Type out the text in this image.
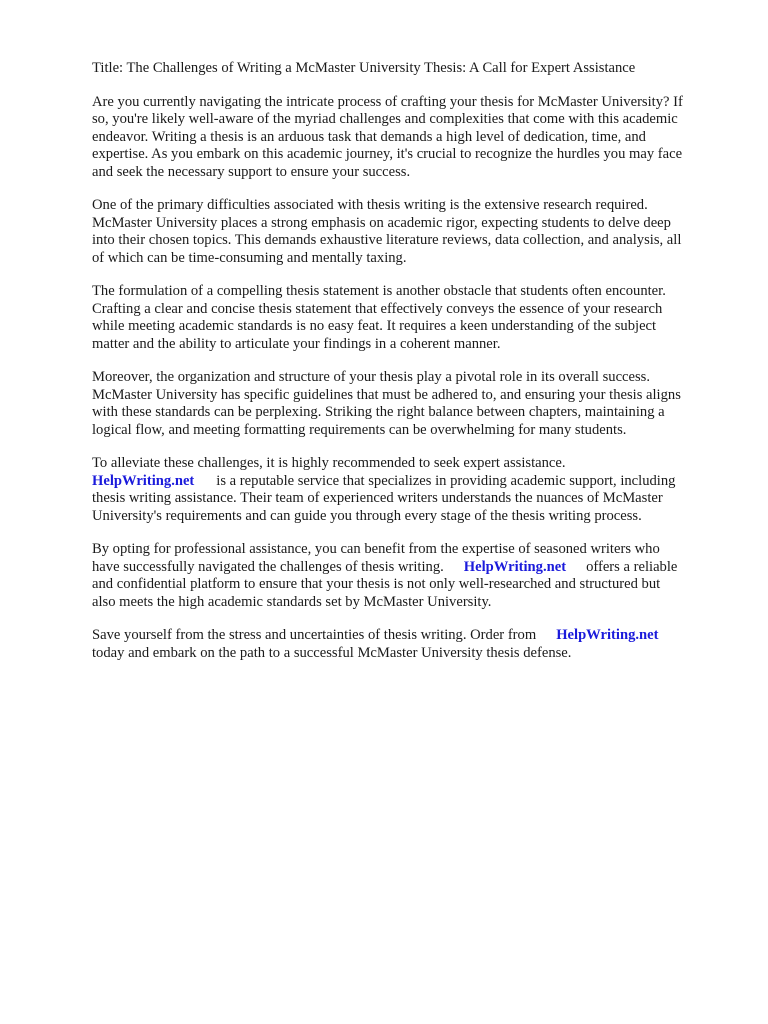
Title: The Challenges of Writing a McMaster University Thesis: A Call for Expert Assistance
Are you currently navigating the intricate process of crafting your thesis for McMaster University? If
so, you're likely well-aware of the myriad challenges and complexities that come with this academic
endeavor. Writing a thesis is an arduous task that demands a high level of dedication, time, and
expertise. As you embark on this academic journey, it's crucial to recognize the hurdles you may face
and seek the necessary support to ensure your success.
One of the primary difficulties associated with thesis writing is the extensive research required.
McMaster University places a strong emphasis on academic rigor, expecting students to delve deep
into their chosen topics. This demands exhaustive literature reviews, data collection, and analysis, all
of which can be time-consuming and mentally taxing.
The formulation of a compelling thesis statement is another obstacle that students often encounter.
Crafting a clear and concise thesis statement that effectively conveys the essence of your research
while meeting academic standards is no easy feat. It requires a keen understanding of the subject
matter and the ability to articulate your findings in a coherent manner.
Moreover, the organization and structure of your thesis play a pivotal role in its overall success.
McMaster University has specific guidelines that must be adhered to, and ensuring your thesis aligns
with these standards can be perplexing. Striking the right balance between chapters, maintaining a
logical flow, and meeting formatting requirements can be overwhelming for many students.
To alleviate these challenges, it is highly recommended to seek expert assistance.
HelpWriting.net is a reputable service that specializes in providing academic support, including
thesis writing assistance. Their team of experienced writers understands the nuances of McMaster
University's requirements and can guide you through every stage of the thesis writing process.
By opting for professional assistance, you can benefit from the expertise of seasoned writers who
have successfully navigated the challenges of thesis writing. HelpWriting.net offers a reliable
and confidential platform to ensure that your thesis is not only well-researched and structured but
also meets the high academic standards set by McMaster University.
Save yourself from the stress and uncertainties of thesis writing. Order from HelpWriting.net
today and embark on the path to a successful McMaster University thesis defense.
